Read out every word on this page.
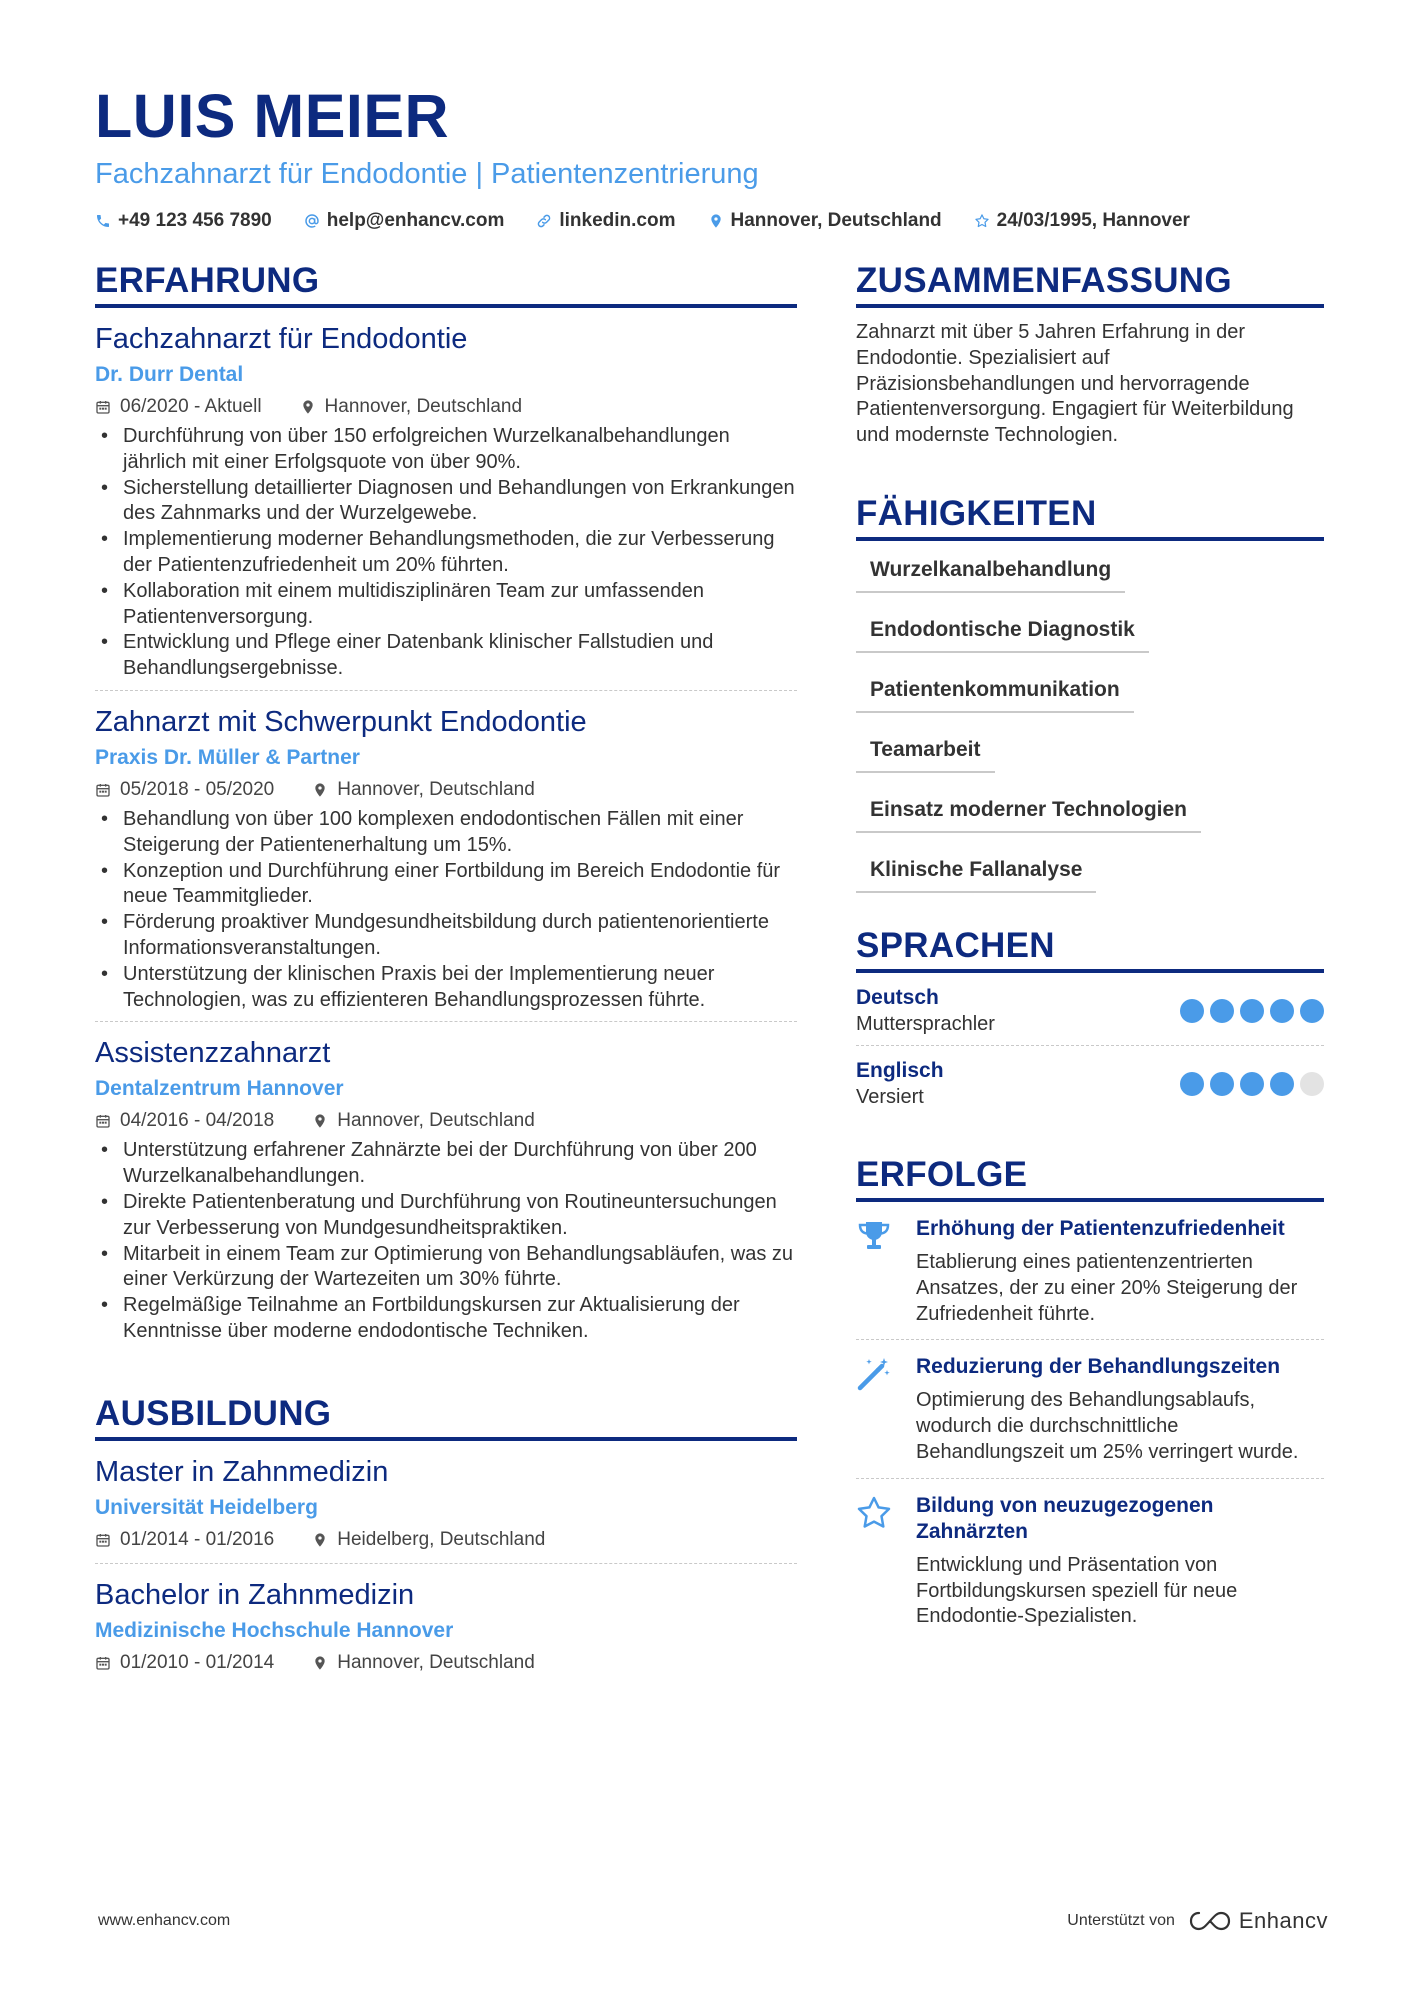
LUIS MEIER
Fachzahnarzt für Endodontie | Patientenzentrierung
+49 123 456 7890	help@enhancv.com	linkedin.com	Hannover, Deutschland	24/03/1995, Hannover
ERFAHRUNG
Fachzahnarzt für Endodontie
Dr. Durr Dental
06/2020 - Aktuell	Hannover, Deutschland
• Durchführung von über 150 erfolgreichen Wurzelkanalbehandlungen jährlich mit einer Erfolgsquote von über 90%.
• Sicherstellung detaillierter Diagnosen und Behandlungen von Erkrankungen des Zahnmarks und der Wurzelgewebe.
• Implementierung moderner Behandlungsmethoden, die zur Verbesserung der Patientenzufriedenheit um 20% führten.
• Kollaboration mit einem multidisziplinären Team zur umfassenden Patientenversorgung.
• Entwicklung und Pflege einer Datenbank klinischer Fallstudien und Behandlungsergebnisse.
Zahnarzt mit Schwerpunkt Endodontie
Praxis Dr. Müller & Partner
05/2018 - 05/2020	Hannover, Deutschland
• Behandlung von über 100 komplexen endodontischen Fällen mit einer Steigerung der Patientenerhaltung um 15%.
• Konzeption und Durchführung einer Fortbildung im Bereich Endodontie für neue Teammitglieder.
• Förderung proaktiver Mundgesundheitsbildung durch patientenorientierte Informationsveranstaltungen.
• Unterstützung der klinischen Praxis bei der Implementierung neuer Technologien, was zu effizienteren Behandlungsprozessen führte.
Assistenzzahnarzt
Dentalzentrum Hannover
04/2016 - 04/2018	Hannover, Deutschland
• Unterstützung erfahrener Zahnärzte bei der Durchführung von über 200 Wurzelkanalbehandlungen.
• Direkte Patientenberatung und Durchführung von Routineuntersuchungen zur Verbesserung von Mundgesundheitspraktiken.
• Mitarbeit in einem Team zur Optimierung von Behandlungsabläufen, was zu einer Verkürzung der Wartezeiten um 30% führte.
• Regelmäßige Teilnahme an Fortbildungskursen zur Aktualisierung der Kenntnisse über moderne endodontische Techniken.
AUSBILDUNG
Master in Zahnmedizin
Universität Heidelberg
01/2014 - 01/2016	Heidelberg, Deutschland
Bachelor in Zahnmedizin
Medizinische Hochschule Hannover
01/2010 - 01/2014	Hannover, Deutschland
ZUSAMMENFASSUNG
Zahnarzt mit über 5 Jahren Erfahrung in der Endodontie. Spezialisiert auf Präzisionsbehandlungen und hervorragende Patientenversorgung. Engagiert für Weiterbildung und modernste Technologien.
FÄHIGKEITEN
Wurzelkanalbehandlung
Endodontische Diagnostik
Patientenkommunikation
Teamarbeit
Einsatz moderner Technologien
Klinische Fallanalyse
SPRACHEN
Deutsch
Muttersprachler
Englisch
Versiert
ERFOLGE
Erhöhung der Patientenzufriedenheit
Etablierung eines patientenzentrierten Ansatzes, der zu einer 20% Steigerung der Zufriedenheit führte.
Reduzierung der Behandlungszeiten
Optimierung des Behandlungsablaufs, wodurch die durchschnittliche Behandlungszeit um 25% verringert wurde.
Bildung von neuzugezogenen Zahnärzten
Entwicklung und Präsentation von Fortbildungskursen speziell für neue Endodontie-Spezialisten.
www.enhancv.com	Unterstützt von	Enhancv
